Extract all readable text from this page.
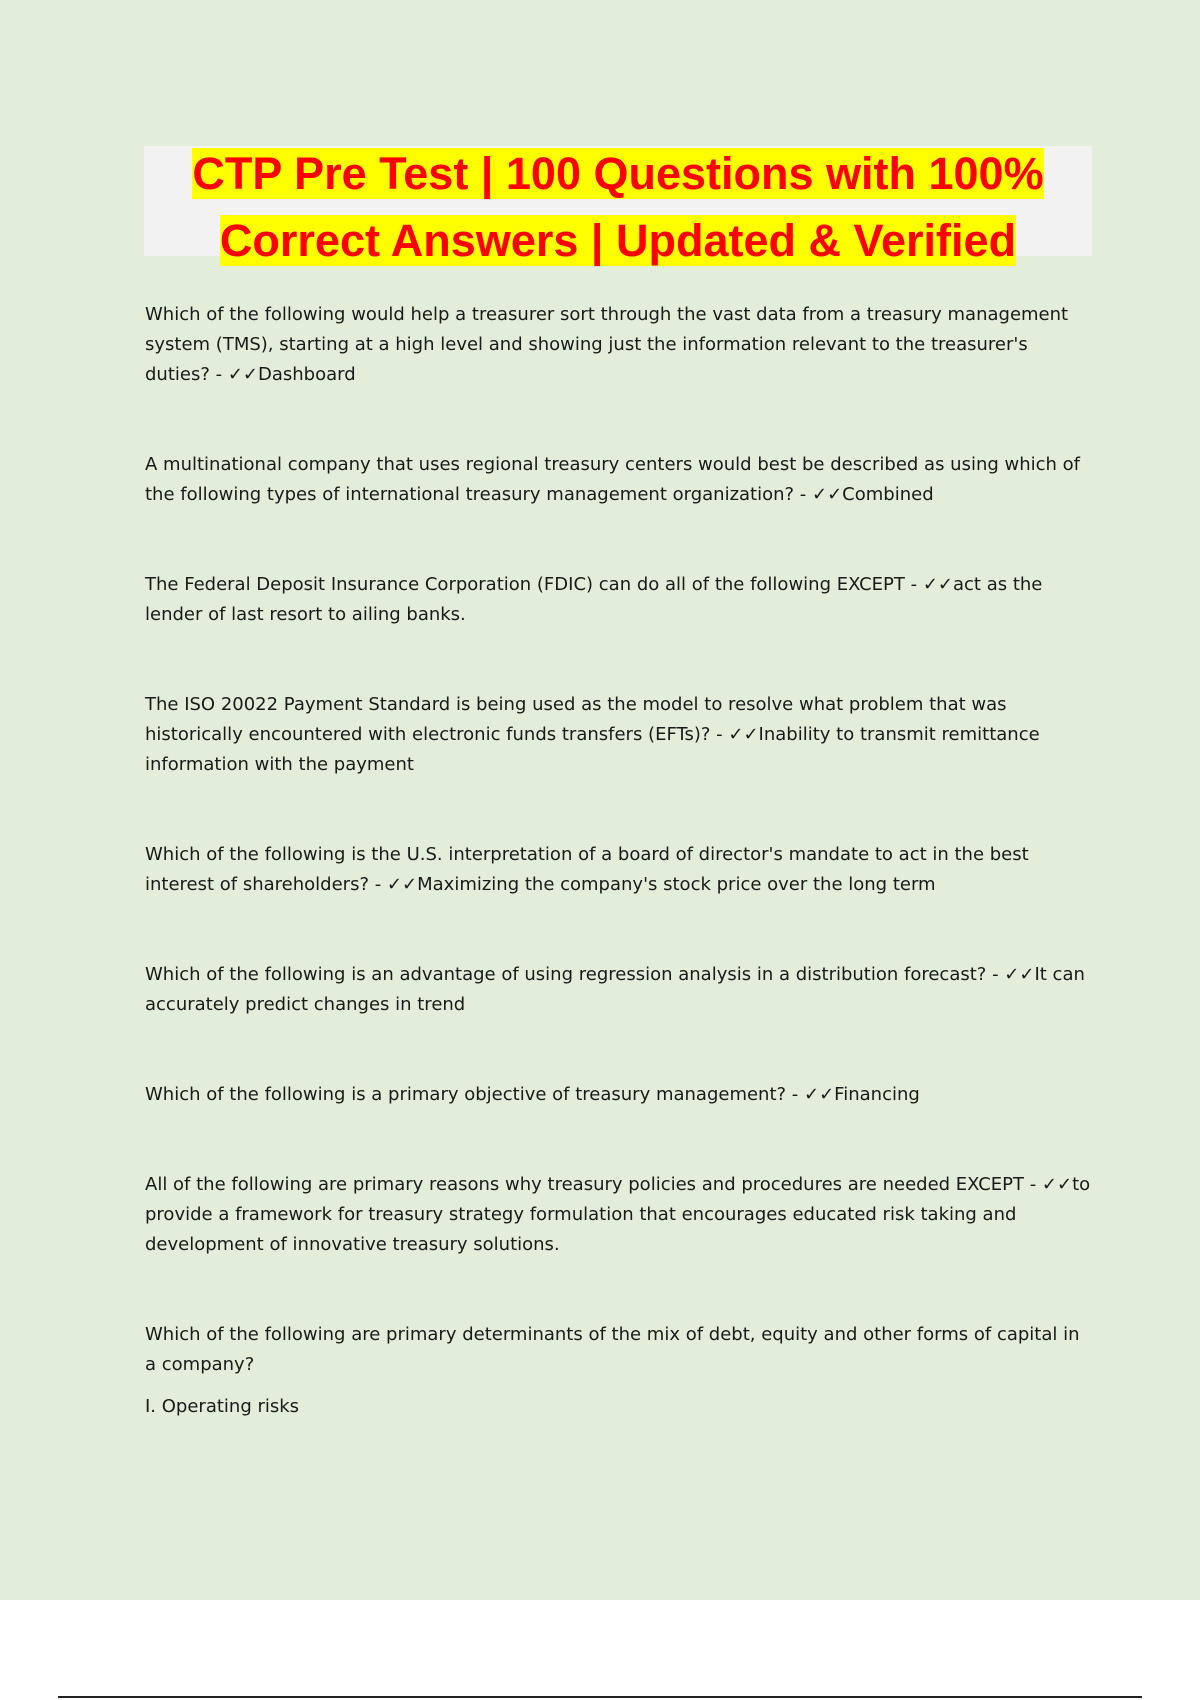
CTP Pre Test | 100 Questions with 100% Correct Answers | Updated & Verified

Which of the following would help a treasurer sort through the vast data from a treasury management system (TMS), starting at a high level and showing just the information relevant to the treasurer's duties? - ✓✓Dashboard

A multinational company that uses regional treasury centers would best be described as using which of the following types of international treasury management organization? - ✓✓Combined

The Federal Deposit Insurance Corporation (FDIC) can do all of the following EXCEPT - ✓✓act as the lender of last resort to ailing banks.

The ISO 20022 Payment Standard is being used as the model to resolve what problem that was historically encountered with electronic funds transfers (EFTs)? - ✓✓Inability to transmit remittance information with the payment

Which of the following is the U.S. interpretation of a board of director's mandate to act in the best interest of shareholders? - ✓✓Maximizing the company's stock price over the long term

Which of the following is an advantage of using regression analysis in a distribution forecast? - ✓✓It can accurately predict changes in trend

Which of the following is a primary objective of treasury management? - ✓✓Financing

All of the following are primary reasons why treasury policies and procedures are needed EXCEPT - ✓✓to provide a framework for treasury strategy formulation that encourages educated risk taking and development of innovative treasury solutions.

Which of the following are primary determinants of the mix of debt, equity and other forms of capital in a company?
I. Operating risks
